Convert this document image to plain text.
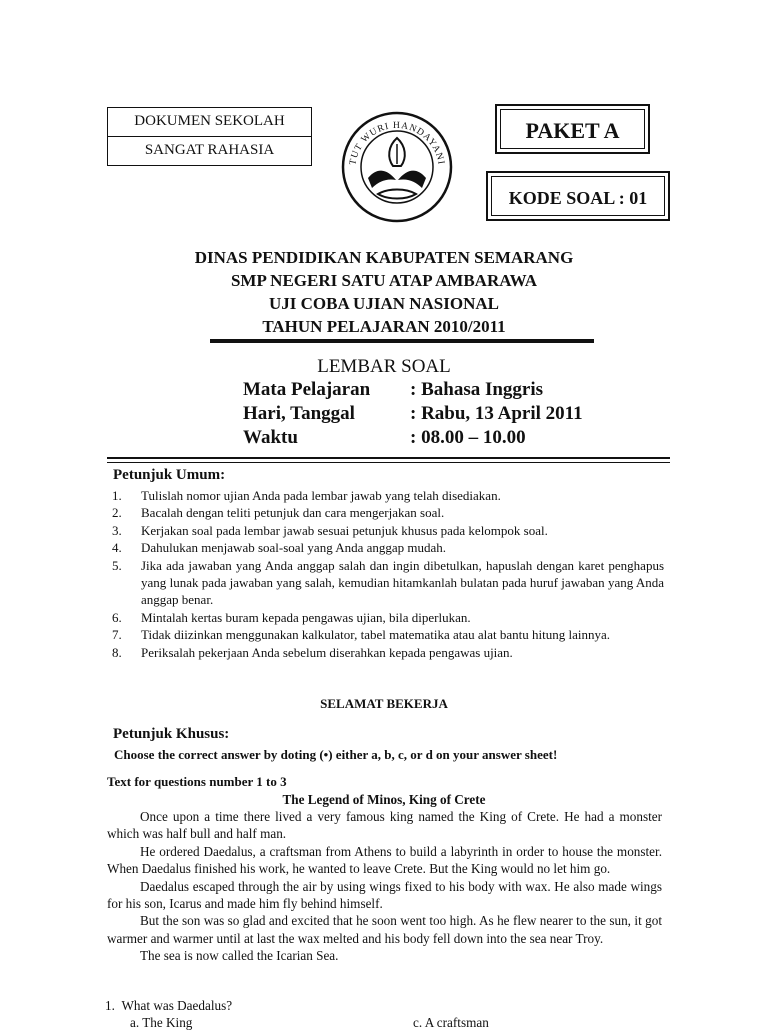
DOKUMEN SEKOLAH
SANGAT RAHASIA
TUT WURI HANDAYANI
PAKET A
KODE SOAL : 01
DINAS PENDIDIKAN KABUPATEN SEMARANG
SMP NEGERI SATU ATAP AMBARAWA
UJI COBA UJIAN NASIONAL
TAHUN PELAJARAN 2010/2011
LEMBAR SOAL
Mata Pelajaran	: Bahasa Inggris
Hari, Tanggal	: Rabu, 13 April 2011
Waktu	: 08.00 – 10.00
Petunjuk Umum:
1.	Tulislah nomor ujian Anda pada lembar jawab yang telah disediakan.
2.	Bacalah dengan teliti petunjuk dan cara mengerjakan soal.
3.	Kerjakan soal pada lembar jawab sesuai petunjuk khusus pada kelompok soal.
4.	Dahulukan menjawab soal-soal yang Anda anggap mudah.
5.	Jika ada jawaban yang Anda anggap salah dan ingin dibetulkan, hapuslah dengan karet penghapus yang lunak pada jawaban yang salah, kemudian hitamkanlah bulatan pada huruf jawaban yang Anda anggap benar.
6.	Mintalah kertas buram kepada pengawas ujian, bila diperlukan.
7.	Tidak diizinkan menggunakan kalkulator, tabel matematika atau alat bantu hitung lainnya.
8.	Periksalah pekerjaan Anda sebelum diserahkan kepada pengawas ujian.
SELAMAT BEKERJA
Petunjuk Khusus:
Choose the correct answer by doting (•) either a, b, c, or d on your answer sheet!
Text for questions number 1 to 3
The Legend of Minos, King of Crete

Once upon a time there lived a very famous king named the King of Crete. He had a monster which was half bull and half man.

He ordered Daedalus, a craftsman from Athens to build a labyrinth in order to house the monster. When Daedalus finished his work, he wanted to leave Crete. But the King would no let him go.

Daedalus escaped through the air by using wings fixed to his body with wax. He also made wings for his son, Icarus and made him fly behind himself.

But the son was so glad and excited that he soon went too high. As he flew nearer to the sun, it got warmer and warmer until at last the wax melted and his body fell down into the sea near Troy.

The sea is now called the Icarian Sea.

1. What was Daedalus?
a. The King	c. A craftsman
